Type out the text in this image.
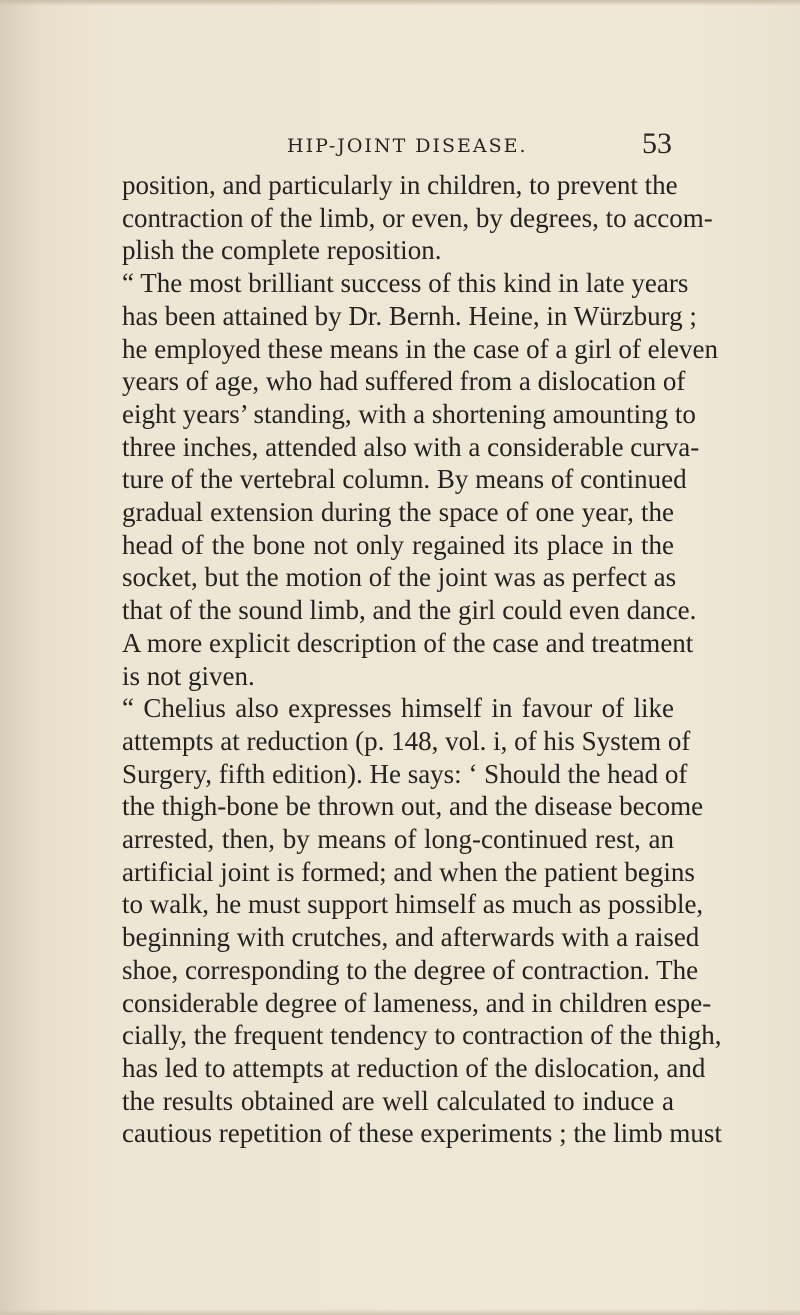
HIP-JOINT DISEASE.	53
position, and particularly in children, to prevent the
contraction of the limb, or even, by degrees, to accom-
plish the complete reposition.
“ The most brilliant success of this kind in late years
has been attained by Dr. Bernh. Heine, in Würzburg ;
he employed these means in the case of a girl of eleven
years of age, who had suffered from a dislocation of
eight years’ standing, with a shortening amounting to
three inches, attended also with a considerable curva-
ture of the vertebral column. By means of continued
gradual extension during the space of one year, the
head of the bone not only regained its place in the
socket, but the motion of the joint was as perfect as
that of the sound limb, and the girl could even dance.
A more explicit description of the case and treatment
is not given.
“ Chelius also expresses himself in favour of like
attempts at reduction (p. 148, vol. i, of his System of
Surgery, fifth edition). He says: ‘ Should the head of
the thigh-bone be thrown out, and the disease become
arrested, then, by means of long-continued rest, an
artificial joint is formed; and when the patient begins
to walk, he must support himself as much as possible,
beginning with crutches, and afterwards with a raised
shoe, corresponding to the degree of contraction. The
considerable degree of lameness, and in children espe-
cially, the frequent tendency to contraction of the thigh,
has led to attempts at reduction of the dislocation, and
the results obtained are well calculated to induce a
cautious repetition of these experiments ; the limb must
